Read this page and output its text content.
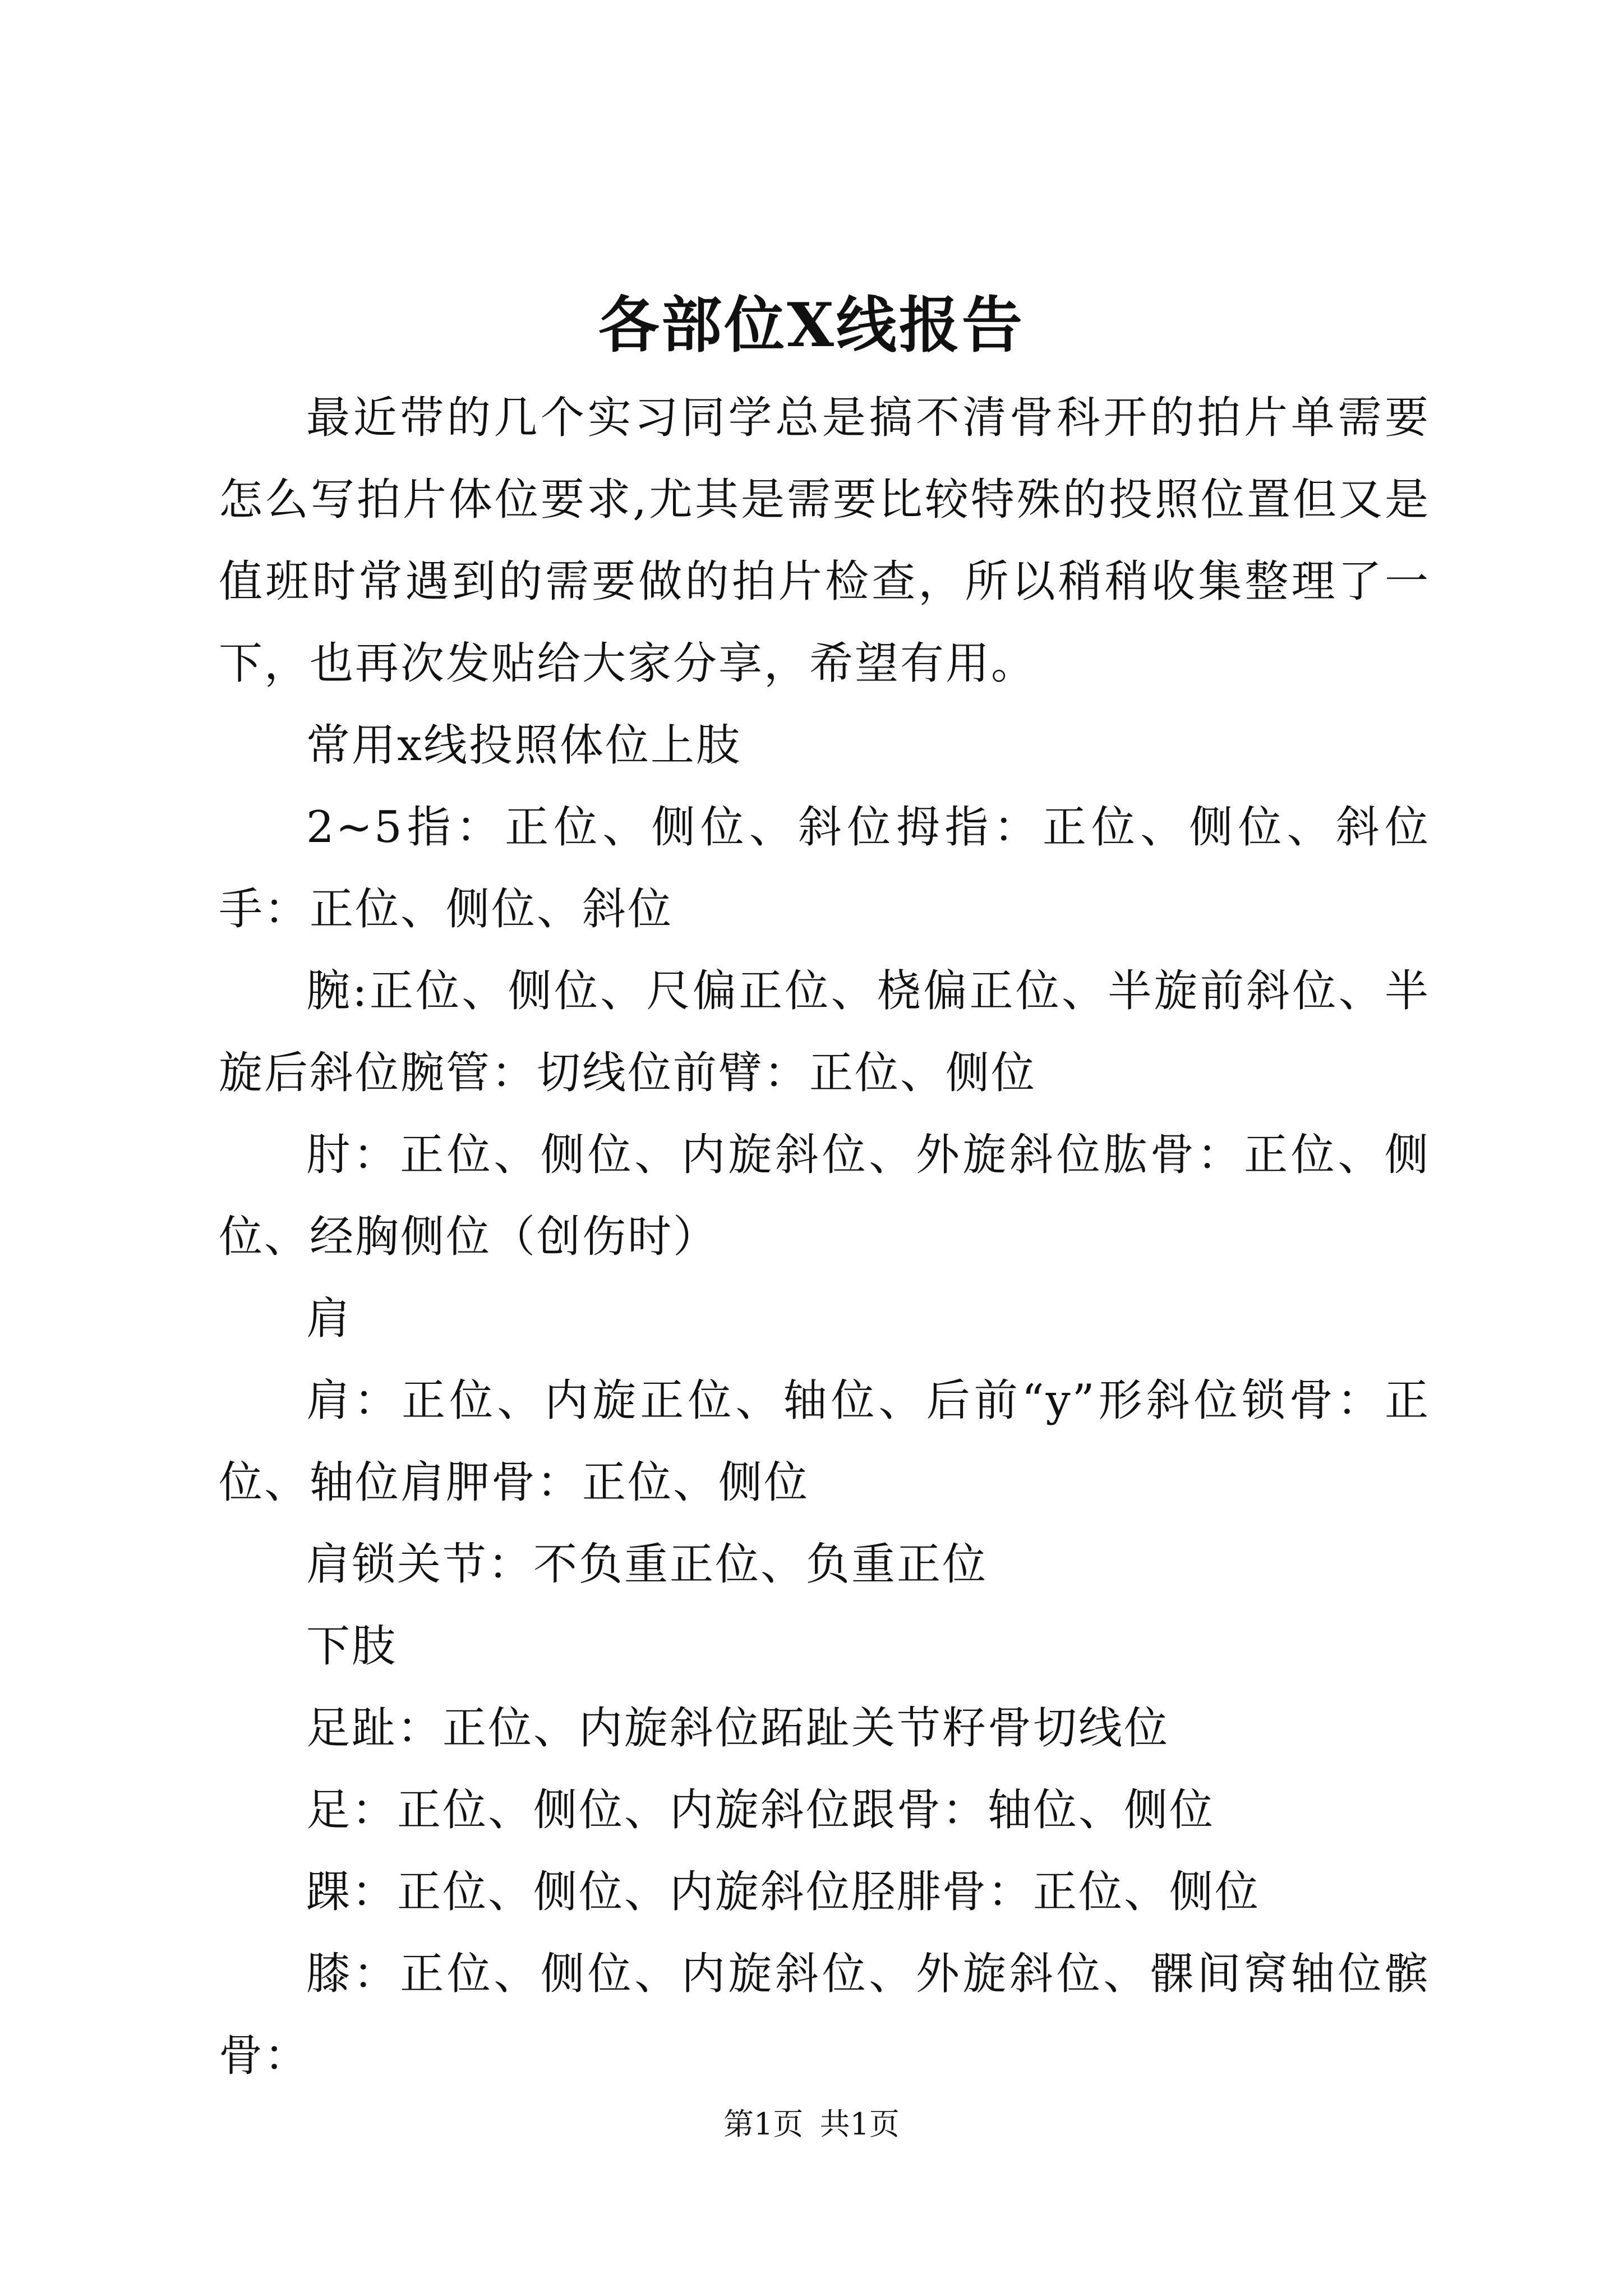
各部位X线报告

最近带的几个实习同学总是搞不清骨科开的拍片单需要怎么写拍片体位要求,尤其是需要比较特殊的投照位置但又是值班时常遇到的需要做的拍片检查，所以稍稍收集整理了一下，也再次发贴给大家分享，希望有用。

常用x线投照体位上肢

2~5指：正位、侧位、斜位拇指：正位、侧位、斜位手：正位、侧位、斜位

腕:正位、侧位、尺偏正位、桡偏正位、半旋前斜位、半旋后斜位腕管：切线位前臂：正位、侧位

肘：正位、侧位、内旋斜位、外旋斜位肱骨：正位、侧位、经胸侧位（创伤时）

肩

肩：正位、内旋正位、轴位、后前“y”形斜位锁骨：正位、轴位肩胛骨：正位、侧位

肩锁关节：不负重正位、负重正位

下肢

足趾：正位、内旋斜位跖趾关节籽骨切线位

足：正位、侧位、内旋斜位跟骨：轴位、侧位

踝：正位、侧位、内旋斜位胫腓骨：正位、侧位

膝：正位、侧位、内旋斜位、外旋斜位、髁间窝轴位髌骨：

第1页 共1页
